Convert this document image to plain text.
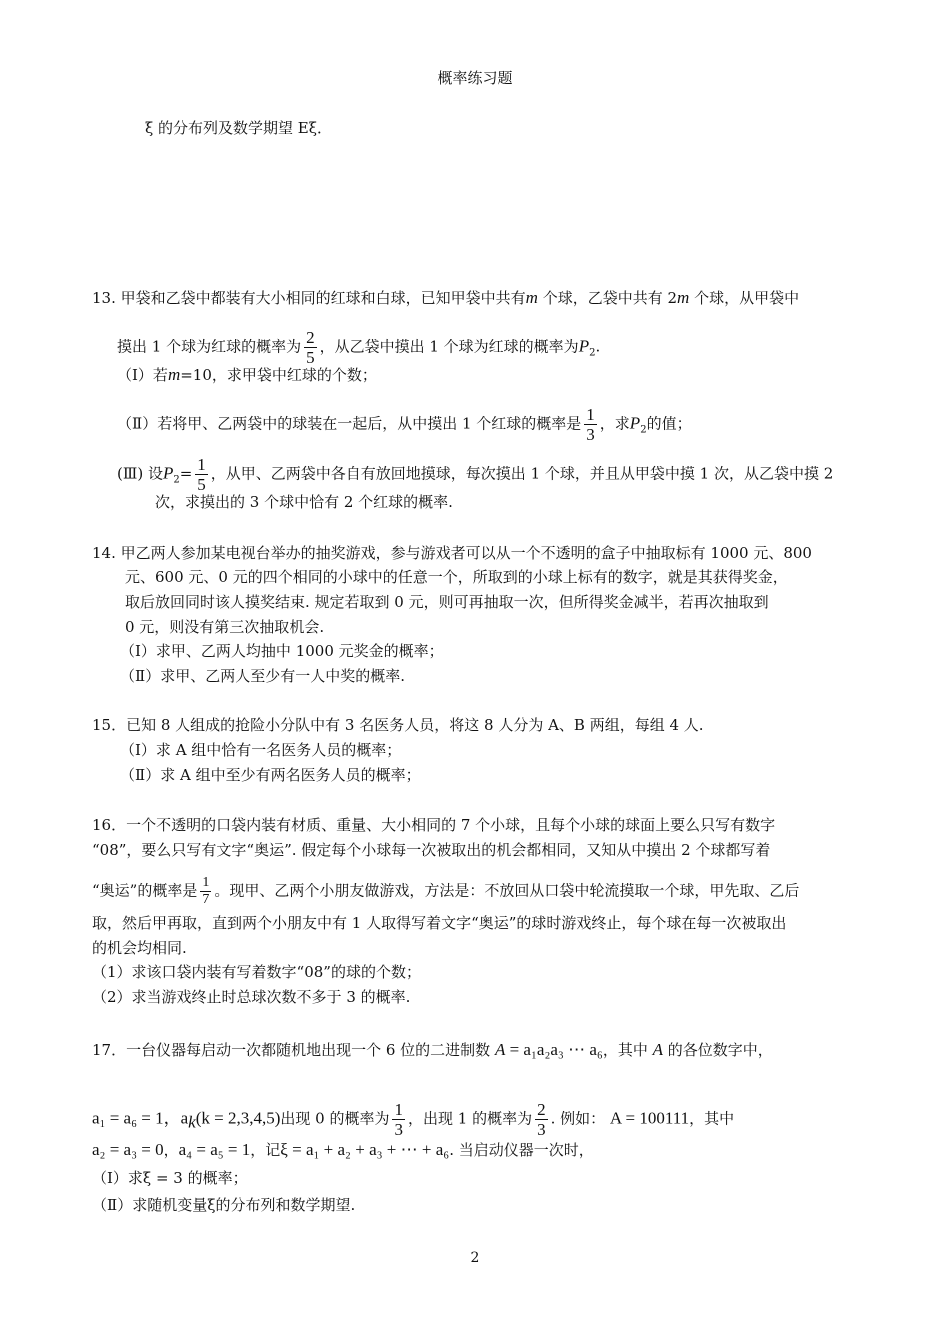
概率练习题
ξ 的分布列及数学期望 Eξ．
13. 甲袋和乙袋中都装有大小相同的红球和白球，已知甲袋中共有m 个球，乙袋中共有 2m 个球，从甲袋中
摸出 1 个球为红球的概率为 $\frac{2}{5}$ ，从乙袋中摸出 1 个球为红球的概率为$P_2$.
（Ⅰ）若m=10，求甲袋中红球的个数；
（Ⅱ）若将甲、乙两袋中的球装在一起后，从中摸出 1 个红球的概率是 $\frac{1}{3}$ ，求$P_2$的值；
(Ⅲ) 设$P_2= \frac{1}{5}$ ，从甲、乙两袋中各自有放回地摸球，每次摸出 1 个球，并且从甲袋中摸 1 次，从乙袋中摸 2
次，求摸出的 3 个球中恰有 2 个红球的概率.
14. 甲乙两人参加某电视台举办的抽奖游戏，参与游戏者可以从一个不透明的盒子中抽取标有 1000 元、800
元、600 元、0 元的四个相同的小球中的任意一个，所取到的小球上标有的数字，就是其获得奖金，
取后放回同时该人摸奖结束. 规定若取到 0 元，则可再抽取一次，但所得奖金减半，若再次抽取到
0 元，则没有第三次抽取机会.
（Ⅰ）求甲、乙两人均抽中 1000 元奖金的概率；
（Ⅱ）求甲、乙两人至少有一人中奖的概率.
15．已知 8 人组成的抢险小分队中有 3 名医务人员，将这 8 人分为 A、B 两组，每组 4 人.
（Ⅰ）求 A 组中恰有一名医务人员的概率；
（Ⅱ）求 A 组中至少有两名医务人员的概率；
16．一个不透明的口袋内装有材质、重量、大小相同的 7 个小球，且每个小球的球面上要么只写有数字
“08”，要么只写有文字“奥运”. 假定每个小球每一次被取出的机会都相同，又知从中摸出 2 个球都写着
“奥运”的概率是 $\frac{1}{7}$ 。现甲、乙两个小朋友做游戏，方法是：不放回从口袋中轮流摸取一个球，甲先取、乙后
取，然后甲再取，直到两个小朋友中有 1 人取得写着文字“奥运”的球时游戏终止，每个球在每一次被取出
的机会均相同.
（1）求该口袋内装有写着数字“08”的球的个数；
（2）求当游戏终止时总球次数不多于 3 的概率.
17．一台仪器每启动一次都随机地出现一个 6 位的二进制数 A = a₁a₂a₃ ⋯ a₆，其中 A 的各位数字中，
a₁ = a₆ = 1，$a_k(k = 2,3,4,5)$出现 0 的概率为 $\frac{1}{3}$ ，出现 1 的概率为 $\frac{2}{3}$ . 例如： A = 100111，其中
a₂ = a₃ = 0，a₄ = a₅ = 1，记ξ = a₁ + a₂ + a₃ + ⋯ + a₆. 当启动仪器一次时，
（Ⅰ）求ξ = 3 的概率；
（Ⅱ）求随机变量ξ的分布列和数学期望.
2
